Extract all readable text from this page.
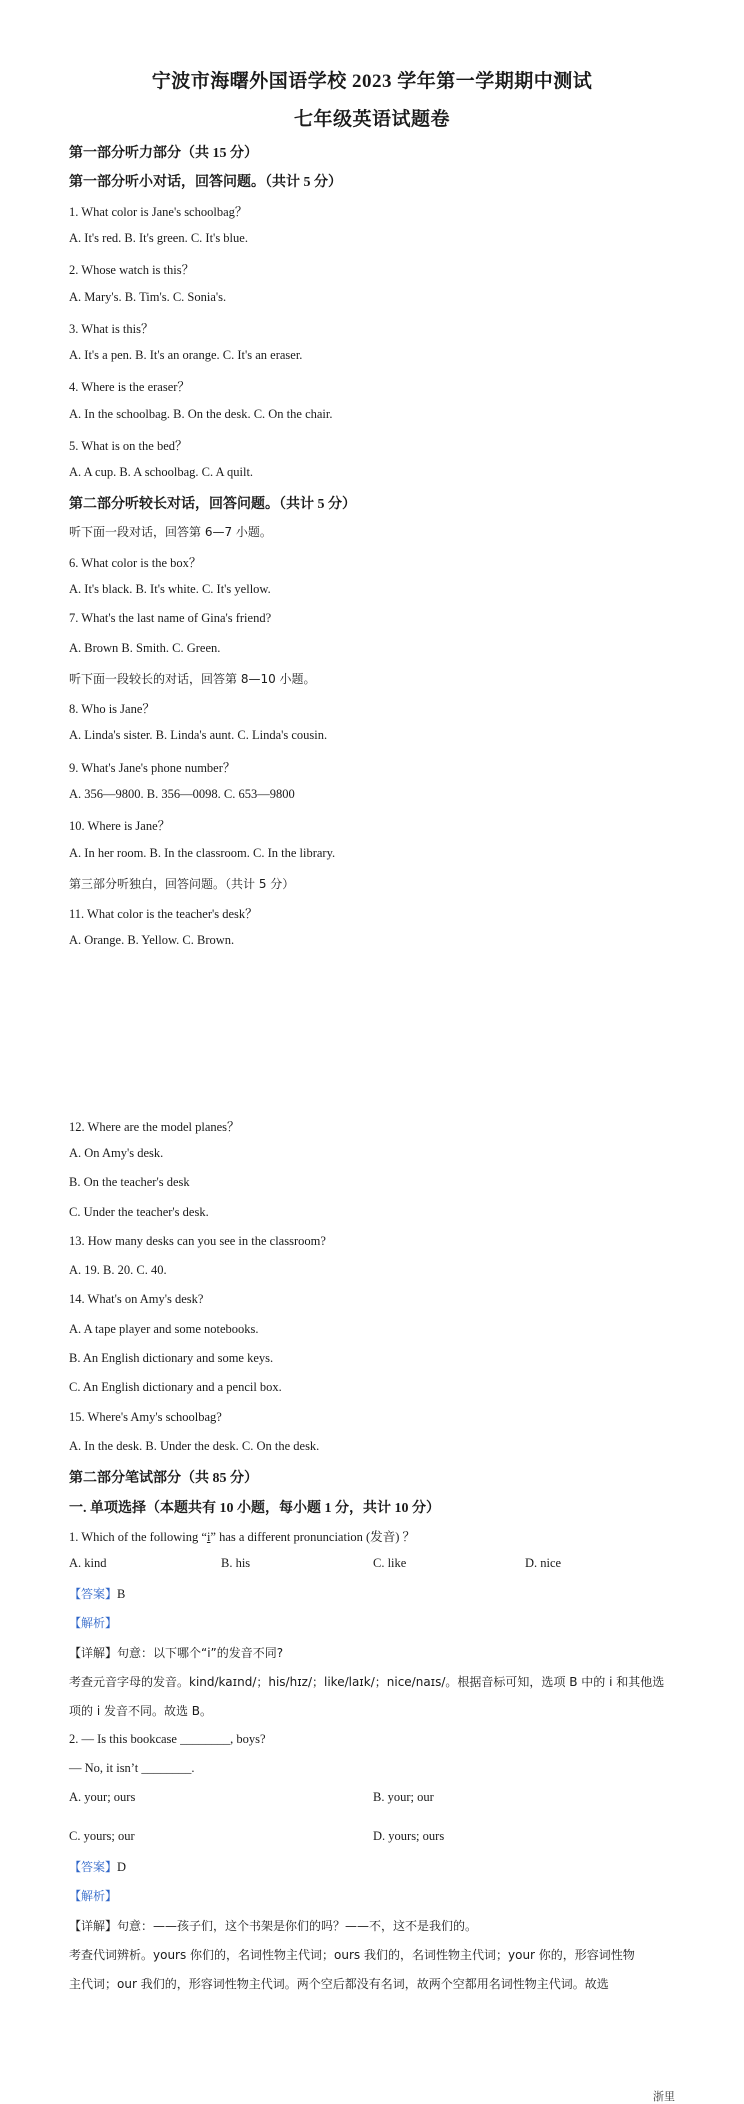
宁波市海曙外国语学校 2023 学年第一学期期中测试
七年级英语试题卷
第一部分听力部分（共 15 分）
第一部分听小对话，回答问题。（共计 5 分）
1. What color is Jane's schoolbag？
A. It's red. B. It's green. C. It's blue.
2. Whose watch is this？
A. Mary's. B. Tim's. C. Sonia's.
3. What is this？
A. It's a pen. B. It's an orange. C. It's an eraser.
4. Where is the eraser？
A. In the schoolbag. B. On the desk. C. On the chair.
5. What is on the bed？
A. A cup. B. A schoolbag. C. A quilt.
第二部分听较长对话，回答问题。（共计 5 分）
听下面一段对话，回答第 6—7 小题。
6. What color is the box？
A. It's black. B. It's white. C. It's yellow.
7. What's the last name of Gina's friend?
A. Brown B. Smith. C. Green.
听下面一段较长的对话，回答第 8—10 小题。
8. Who is Jane？
A. Linda's sister. B. Linda's aunt. C. Linda's cousin.
9. What's Jane's phone number？
A. 356—9800. B. 356—0098. C. 653—9800
10. Where is Jane？
A. In her room. B. In the classroom. C. In the library.
第三部分听独白，回答问题。（共计 5 分）
11. What color is the teacher's desk？
A. Orange. B. Yellow. C. Brown.
12. Where are the model planes？
A. On Amy's desk.
B. On the teacher's desk
C. Under the teacher's desk.
13. How many desks can you see in the classroom?
A. 19. B. 20. C. 40.
14. What's on Amy's desk?
A. A tape player and some notebooks.
B. An English dictionary and some keys.
C. An English dictionary and a pencil box.
15. Where's Amy's schoolbag?
A. In the desk. B. Under the desk. C. On the desk.
第二部分笔试部分（共 85 分）
一. 单项选择（本题共有 10 小题，每小题 1 分，共计 10 分）
1. Which of the following “i” has a different pronunciation (发音) ？
A. kind	B. his	C. like	D. nice
【答案】B
【解析】
【详解】句意：以下哪个“i”的发音不同?
考查元音字母的发音。kind/kaɪnd/；his/hɪz/；like/laɪk/；nice/naɪs/。根据音标可知，选项 B 中的 i 和其他选
项的 i 发音不同。故选 B。
2. — Is this bookcase ________, boys?
— No, it isn’t ________.
A. your; ours	B. your; our
C. yours; our	D. yours; ours
【答案】D
【解析】
【详解】句意：——孩子们，这个书架是你们的吗？——不，这不是我们的。
考查代词辨析。yours 你们的，名词性物主代词；ours 我们的，名词性物主代词；your 你的，形容词性物
主代词；our 我们的，形容词性物主代词。两个空后都没有名词，故两个空都用名词性物主代词。故选
浙里
